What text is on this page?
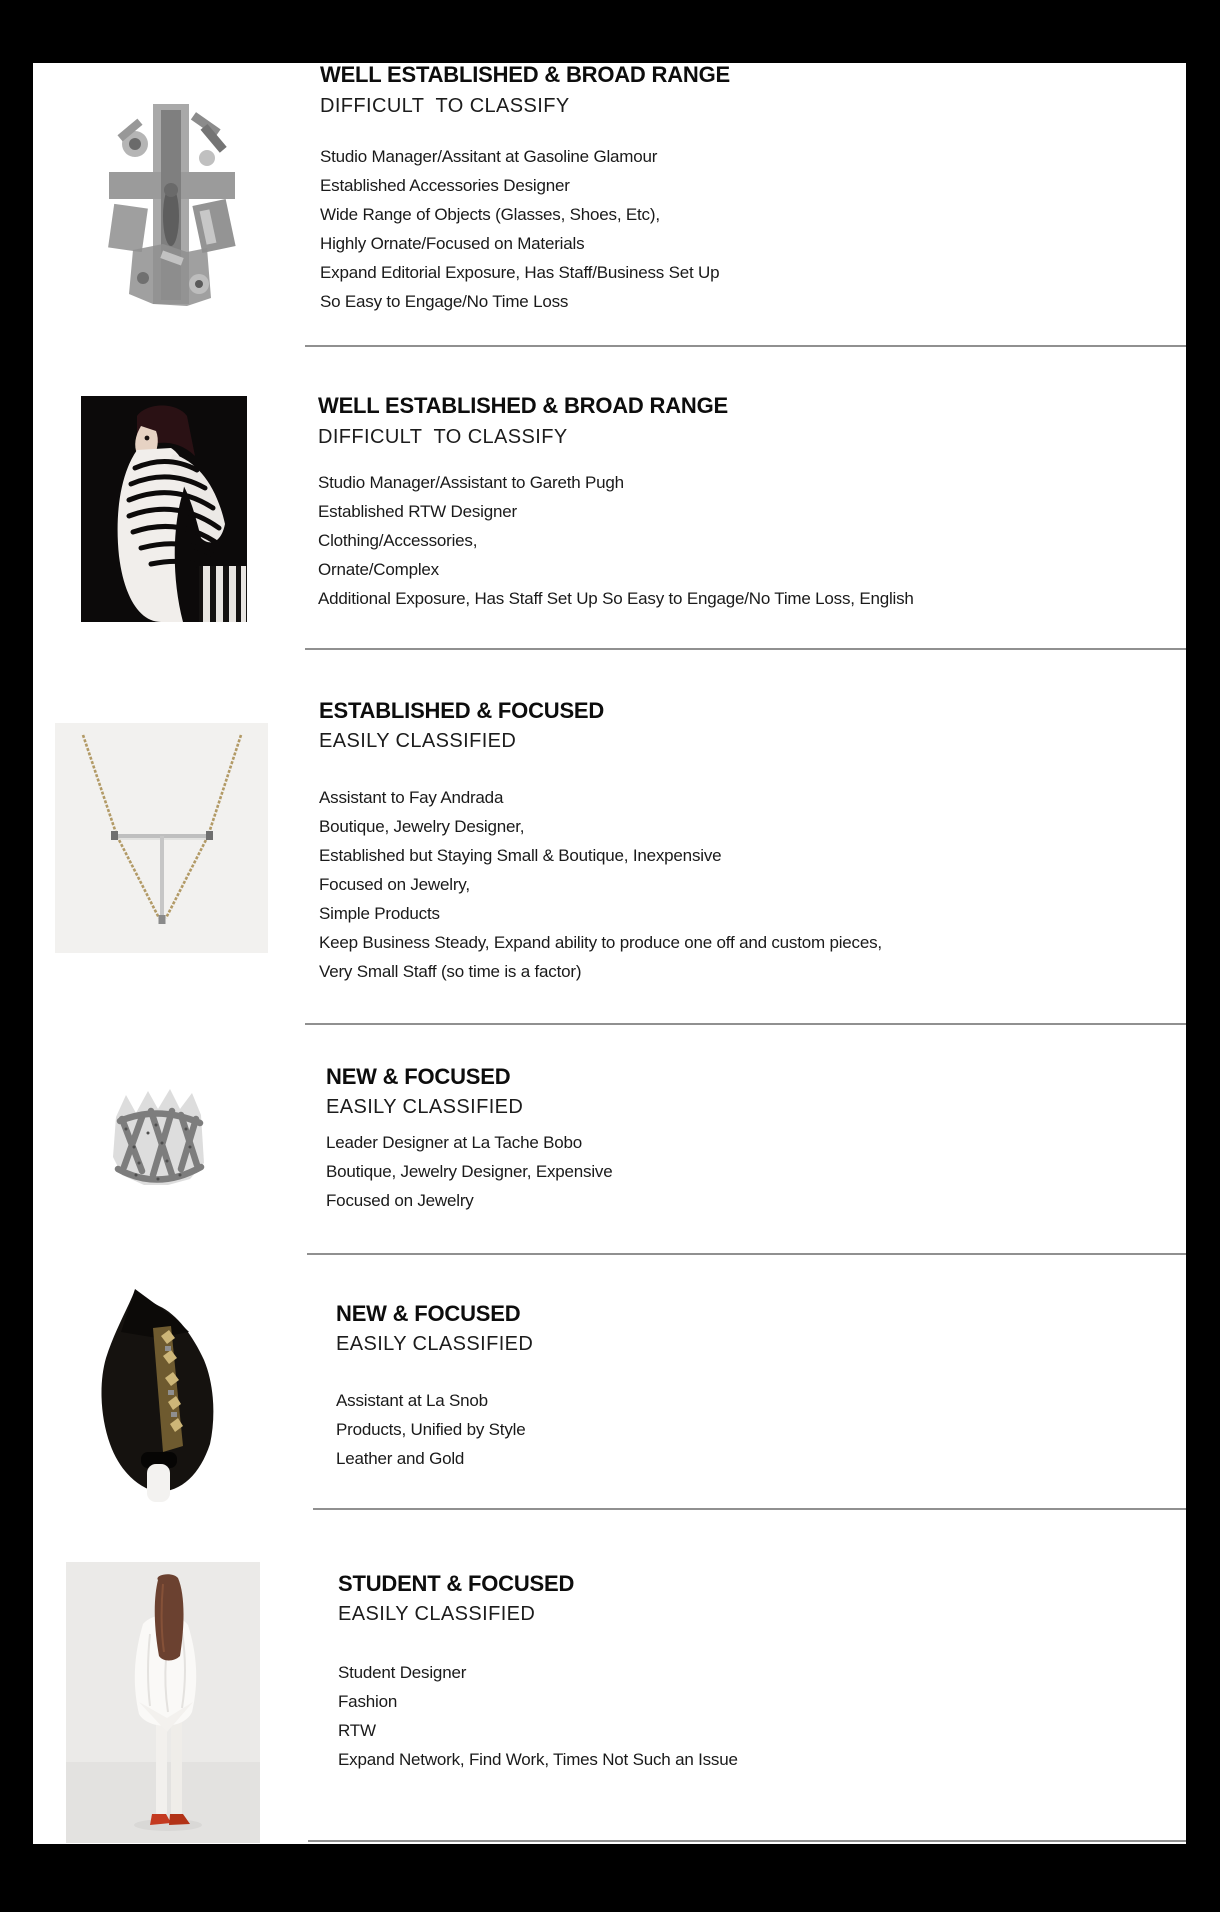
WELL ESTABLISHED & BROAD RANGE
DIFFICULT  TO CLASSIFY
Studio Manager/Assitant at Gasoline Glamour
Established Accessories Designer
Wide Range of Objects (Glasses, Shoes, Etc),
Highly Ornate/Focused on Materials
Expand Editorial Exposure, Has Staff/Business Set Up
So Easy to Engage/No Time Loss
WELL ESTABLISHED & BROAD RANGE
DIFFICULT  TO CLASSIFY
Studio Manager/Assistant to Gareth Pugh
Established RTW Designer
Clothing/Accessories,
Ornate/Complex
Additional Exposure, Has Staff Set Up So Easy to Engage/No Time Loss, English
ESTABLISHED & FOCUSED
EASILY CLASSIFIED
Assistant to Fay Andrada
Boutique, Jewelry Designer,
Established but Staying Small & Boutique, Inexpensive
Focused on Jewelry,
Simple Products
Keep Business Steady, Expand ability to produce one off and custom pieces,
Very Small Staff (so time is a factor)
NEW & FOCUSED
EASILY CLASSIFIED
Leader Designer at La Tache Bobo
Boutique, Jewelry Designer, Expensive
Focused on Jewelry
NEW & FOCUSED
EASILY CLASSIFIED
Assistant at La Snob
Products, Unified by Style
Leather and Gold
STUDENT & FOCUSED
EASILY CLASSIFIED
Student Designer
Fashion
RTW
Expand Network, Find Work, Times Not Such an Issue
